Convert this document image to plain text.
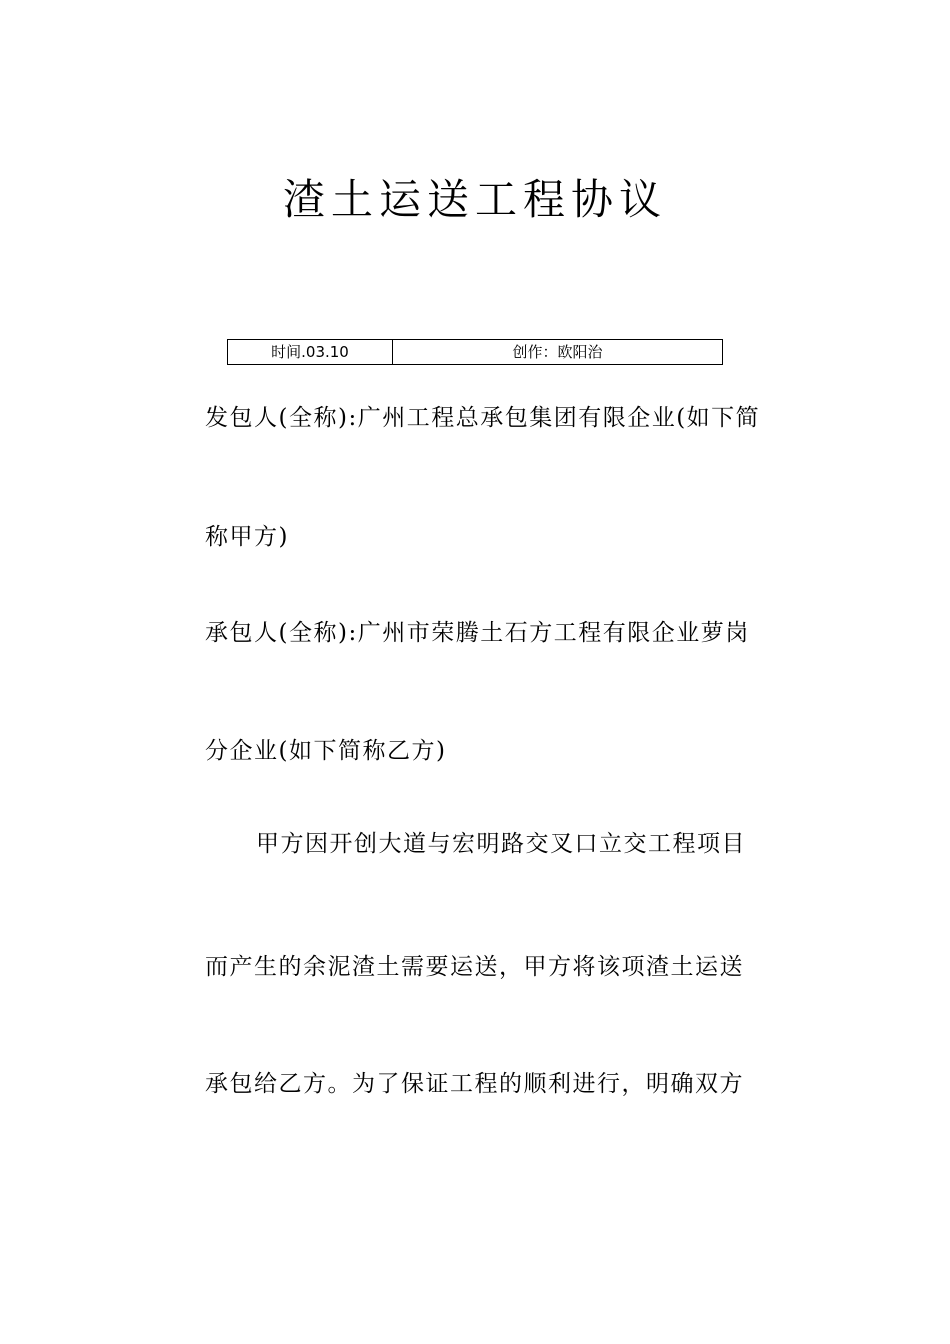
渣土运送工程协议
时间.03.10	创作：欧阳治
发包人(全称):广州工程总承包集团有限企业(如下简
称甲方)
承包人(全称):广州市荣腾土石方工程有限企业萝岗
分企业(如下简称乙方)
甲方因开创大道与宏明路交叉口立交工程项目
而产生的余泥渣土需要运送，甲方将该项渣土运送
承包给乙方。为了保证工程的顺利进行，明确双方
